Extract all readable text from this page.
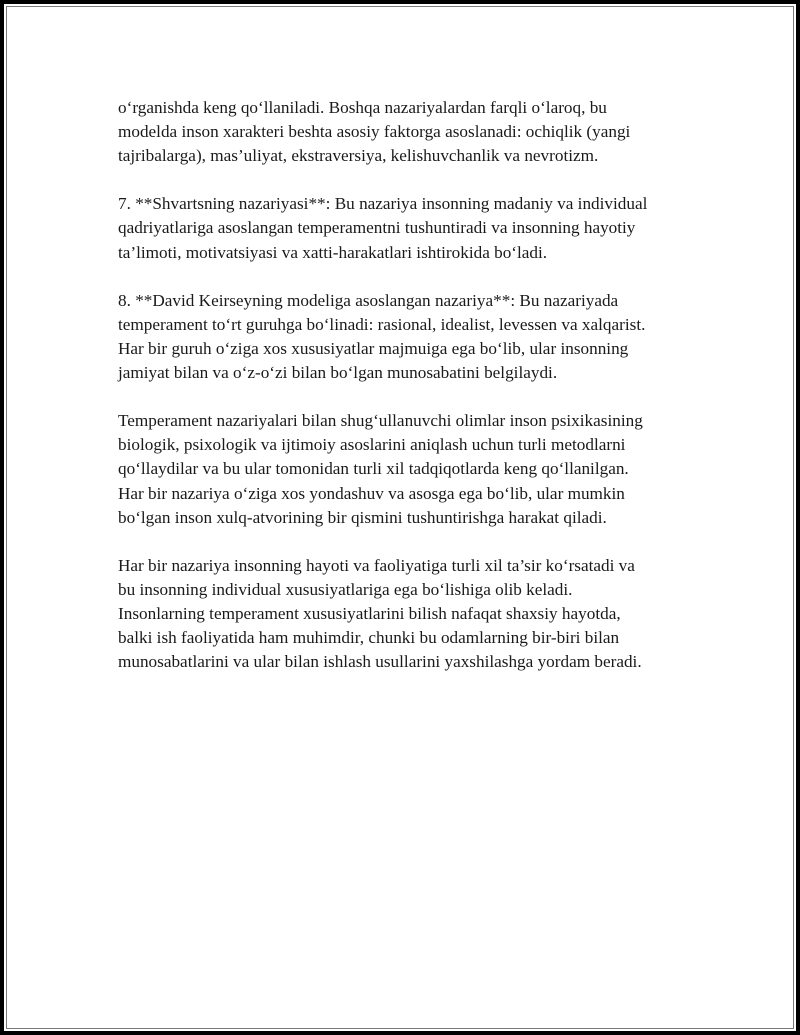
o‘rganishda keng qo‘llaniladi. Boshqa nazariyalardan farqli o‘laroq, bu
modelda inson xarakteri beshta asosiy faktorga asoslanadi: ochiqlik (yangi
tajribalarga), mas’uliyat, ekstraversiya, kelishuvchanlik va nevrotizm.

7. **Shvartsning nazariyasi**: Bu nazariya insonning madaniy va individual
qadriyatlariga asoslangan temperamentni tushuntiradi va insonning hayotiy
ta’limoti, motivatsiyasi va xatti-harakatlari ishtirokida bo‘ladi.

8. **David Keirseyning modeliga asoslangan nazariya**: Bu nazariyada
temperament to‘rt guruhga bo‘linadi: rasional, idealist, levessen va xalqarist.
Har bir guruh o‘ziga xos xususiyatlar majmuiga ega bo‘lib, ular insonning
jamiyat bilan va o‘z-o‘zi bilan bo‘lgan munosabatini belgilaydi.

Temperament nazariyalari bilan shug‘ullanuvchi olimlar inson psixikasining
biologik, psixologik va ijtimoiy asoslarini aniqlash uchun turli metodlarni
qo‘llaydilar va bu ular tomonidan turli xil tadqiqotlarda keng qo‘llanilgan.
Har bir nazariya o‘ziga xos yondashuv va asosga ega bo‘lib, ular mumkin
bo‘lgan inson xulq-atvorining bir qismini tushuntirishga harakat qiladi.

Har bir nazariya insonning hayoti va faoliyatiga turli xil ta’sir ko‘rsatadi va
bu insonning individual xususiyatlariga ega bo‘lishiga olib keladi.
Insonlarning temperament xususiyatlarini bilish nafaqat shaxsiy hayotda,
balki ish faoliyatida ham muhimdir, chunki bu odamlarning bir-biri bilan
munosabatlarini va ular bilan ishlash usullarini yaxshilashga yordam beradi.
